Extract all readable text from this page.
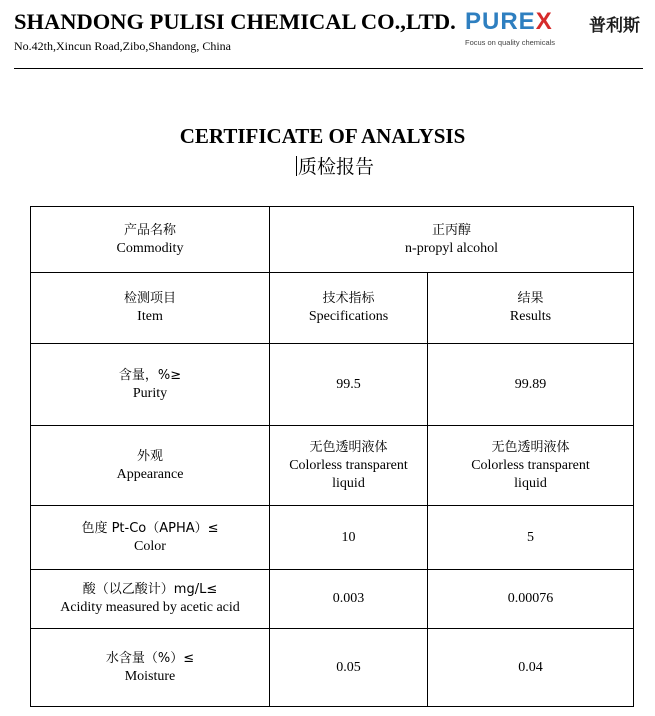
SHANDONG PULISI CHEMICAL CO.,LTD.
No.42th,Xincun Road,Zibo,Shandong, China
PUREX 普利斯
Focus on quality chemicals
CERTIFICATE OF ANALYSIS
质检报告
产品名称
Commodity	正丙醇
n-propyl alcohol	

检测项目
Item	技术指标
Specifications	结果
Results

含量，%≥
Purity	99.5	99.89

外观
Appearance	无色透明液体
Colorless transparent
liquid	无色透明液体
Colorless transparent
liquid

色度 Pt-Co（APHA）≤
Color	10	5

酸（以乙酸计）mg/L≤
Acidity measured by acetic acid	0.003	0.00076

水含量（%）≤
Moisture	0.05	0.04
